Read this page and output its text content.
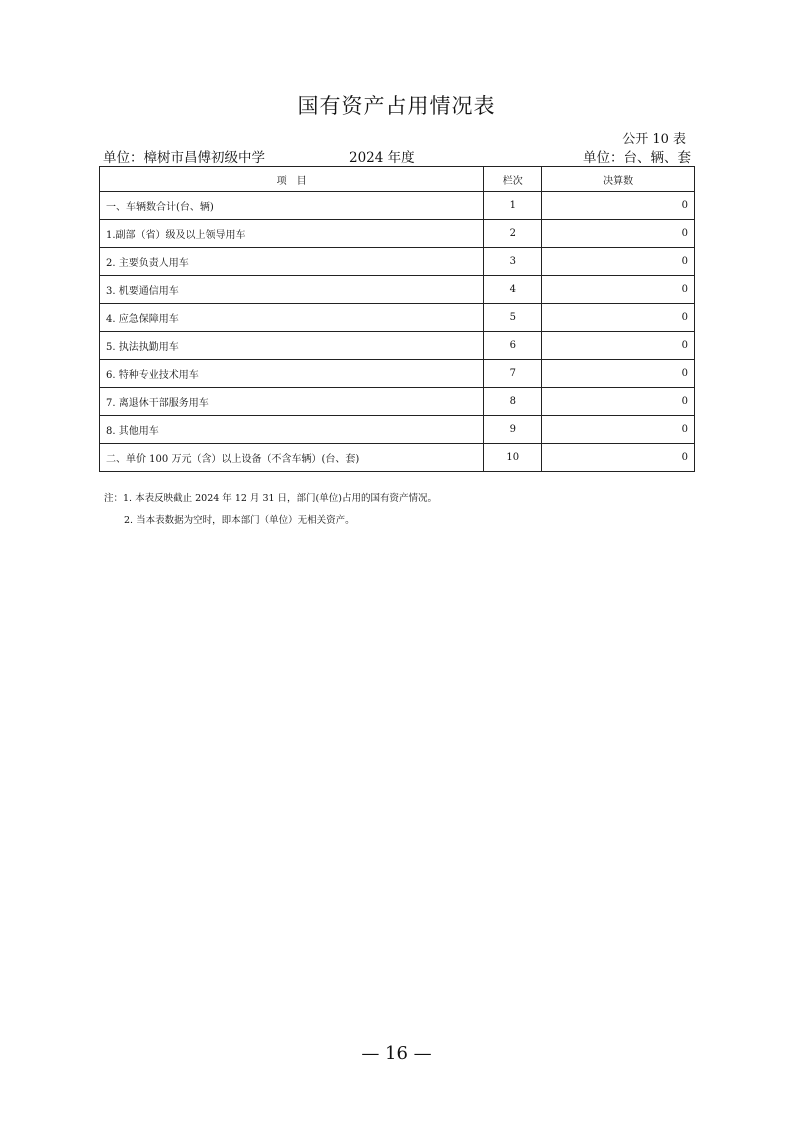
国有资产占用情况表
公开 10 表
单位：樟树市昌傅初级中学	2024 年度	单位：台、辆、套
项　目	栏次	决算数
一、车辆数合计(台、辆)	1	0
1.副部（省）级及以上领导用车	2	0
2. 主要负责人用车	3	0
3. 机要通信用车	4	0
4. 应急保障用车	5	0
5. 执法执勤用车	6	0
6. 特种专业技术用车	7	0
7. 离退休干部服务用车	8	0
8. 其他用车	9	0
二、单价 100 万元（含）以上设备（不含车辆）(台、套)	10	0
注：1. 本表反映截止 2024 年 12 月 31 日，部门(单位)占用的国有资产情况。
2. 当本表数据为空时，即本部门（单位）无相关资产。
— 16 —
